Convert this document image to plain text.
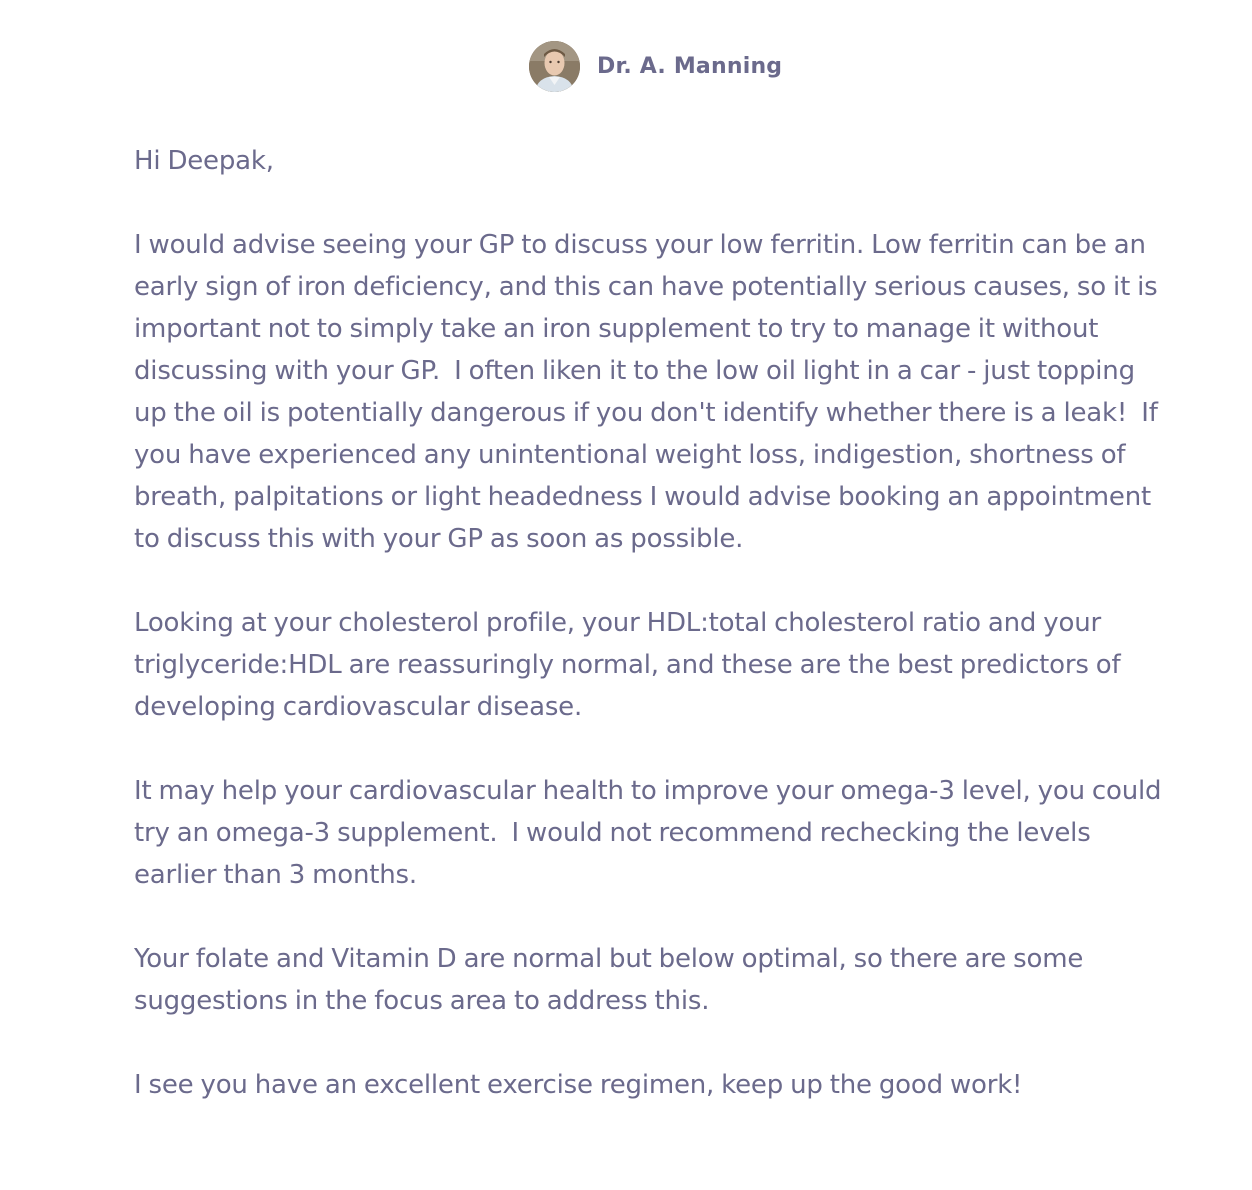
Dr. A. Manning

Hi Deepak,

I would advise seeing your GP to discuss your low ferritin. Low ferritin can be an early sign of iron deficiency, and this can have potentially serious causes, so it is important not to simply take an iron supplement to try to manage it without discussing with your GP.  I often liken it to the low oil light in a car - just topping up the oil is potentially dangerous if you don't identify whether there is a leak!  If you have experienced any unintentional weight loss, indigestion, shortness of breath, palpitations or light headedness I would advise booking an appointment to discuss this with your GP as soon as possible.

Looking at your cholesterol profile, your HDL:total cholesterol ratio and your triglyceride:HDL are reassuringly normal, and these are the best predictors of developing cardiovascular disease.

It may help your cardiovascular health to improve your omega-3 level, you could try an omega-3 supplement.  I would not recommend rechecking the levels earlier than 3 months.

Your folate and Vitamin D are normal but below optimal, so there are some suggestions in the focus area to address this.

I see you have an excellent exercise regimen, keep up the good work!
